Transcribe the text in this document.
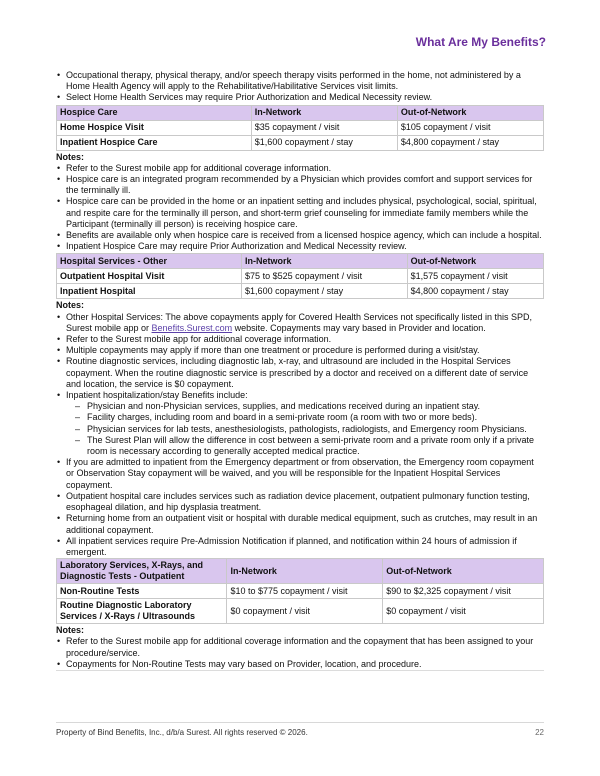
What Are My Benefits?
• Occupational therapy, physical therapy, and/or speech therapy visits performed in the home, not administered by a Home Health Agency will apply to the Rehabilitative/Habilitative Services visit limits.
• Select Home Health Services may require Prior Authorization and Medical Necessity review.
Hospice Care	In-Network	Out-of-Network
Home Hospice Visit	$35 copayment / visit	$105 copayment / visit
Inpatient Hospice Care	$1,600 copayment / stay	$4,800 copayment / stay
Notes:
• Refer to the Surest mobile app for additional coverage information.
• Hospice care is an integrated program recommended by a Physician which provides comfort and support services for the terminally ill.
• Hospice care can be provided in the home or an inpatient setting and includes physical, psychological, social, spiritual, and respite care for the terminally ill person, and short-term grief counseling for immediate family members while the Participant (terminally ill person) is receiving hospice care.
• Benefits are available only when hospice care is received from a licensed hospice agency, which can include a hospital.
• Inpatient Hospice Care may require Prior Authorization and Medical Necessity review.
Hospital Services - Other	In-Network	Out-of-Network
Outpatient Hospital Visit	$75 to $525 copayment / visit	$1,575 copayment / visit
Inpatient Hospital	$1,600 copayment / stay	$4,800 copayment / stay
Notes:
• Other Hospital Services: The above copayments apply for Covered Health Services not specifically listed in this SPD, Surest mobile app or Benefits.Surest.com website. Copayments may vary based in Provider and location.
• Refer to the Surest mobile app for additional coverage information.
• Multiple copayments may apply if more than one treatment or procedure is performed during a visit/stay.
• Routine diagnostic services, including diagnostic lab, x-ray, and ultrasound are included in the Hospital Services copayment. When the routine diagnostic service is prescribed by a doctor and received on a different date of service and location, the service is $0 copayment.
• Inpatient hospitalization/stay Benefits include:
– Physician and non-Physician services, supplies, and medications received during an inpatient stay.
– Facility charges, including room and board in a semi-private room (a room with two or more beds).
– Physician services for lab tests, anesthesiologists, pathologists, radiologists, and Emergency room Physicians.
– The Surest Plan will allow the difference in cost between a semi-private room and a private room only if a private room is necessary according to generally accepted medical practice.
• If you are admitted to inpatient from the Emergency department or from observation, the Emergency room copayment or Observation Stay copayment will be waived, and you will be responsible for the Inpatient Hospital Services copayment.
• Outpatient hospital care includes services such as radiation device placement, outpatient pulmonary function testing, esophageal dilation, and hip dysplasia treatment.
• Returning home from an outpatient visit or hospital with durable medical equipment, such as crutches, may result in an additional copayment.
• All inpatient services require Pre-Admission Notification if planned, and notification within 24 hours of admission if emergent.
Laboratory Services, X-Rays, and Diagnostic Tests - Outpatient	In-Network	Out-of-Network
Non-Routine Tests	$10 to $775 copayment / visit	$90 to $2,325 copayment / visit
Routine Diagnostic Laboratory Services / X-Rays / Ultrasounds	$0 copayment / visit	$0 copayment / visit
Notes:
• Refer to the Surest mobile app for additional coverage information and the copayment that has been assigned to your procedure/service.
• Copayments for Non-Routine Tests may vary based on Provider, location, and procedure.
Property of Bind Benefits, Inc., d/b/a Surest. All rights reserved © 2026.	22
